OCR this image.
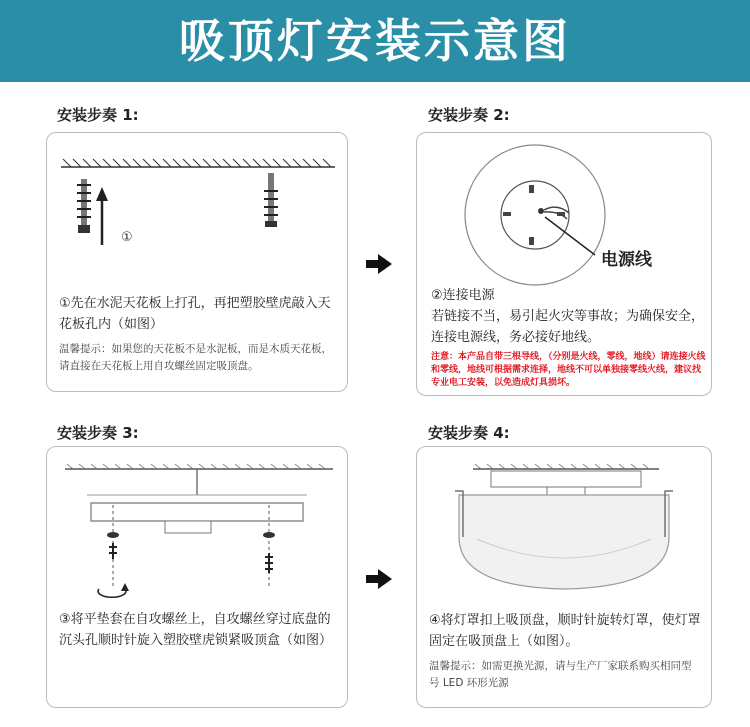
吸顶灯安装示意图
安装步奏 1:	安装步奏 2:
安装步奏 3:	安装步奏 4:
①
①先在水泥天花板上打孔，再把塑胶壁虎敲入天花板孔内（如图）
温馨提示：如果您的天花板不是水泥板，而是木质天花板，请直接在天花板上用自攻螺丝固定吸顶盘。
电源线
②连接电源
若链接不当，易引起火灾等事故；为确保安全，连接电源线，务必接好地线。
注意：本产品自带三根导线，（分别是火线，零线，地线）请连接火线和零线，地线可根据需求连择，地线不可以单独接零线火线，建议找专业电工安装，以免造成灯具损坏。
③将平垫套在自攻螺丝上，自攻螺丝穿过底盘的沉头孔顺时针旋入塑胶壁虎锁紧吸顶盒（如图）
④将灯罩扣上吸顶盘，顺时针旋转灯罩，使灯罩固定在吸顶盘上（如图）。
温馨提示：如需更换光源，请与生产厂家联系购买相同型号 LED 环形光源
